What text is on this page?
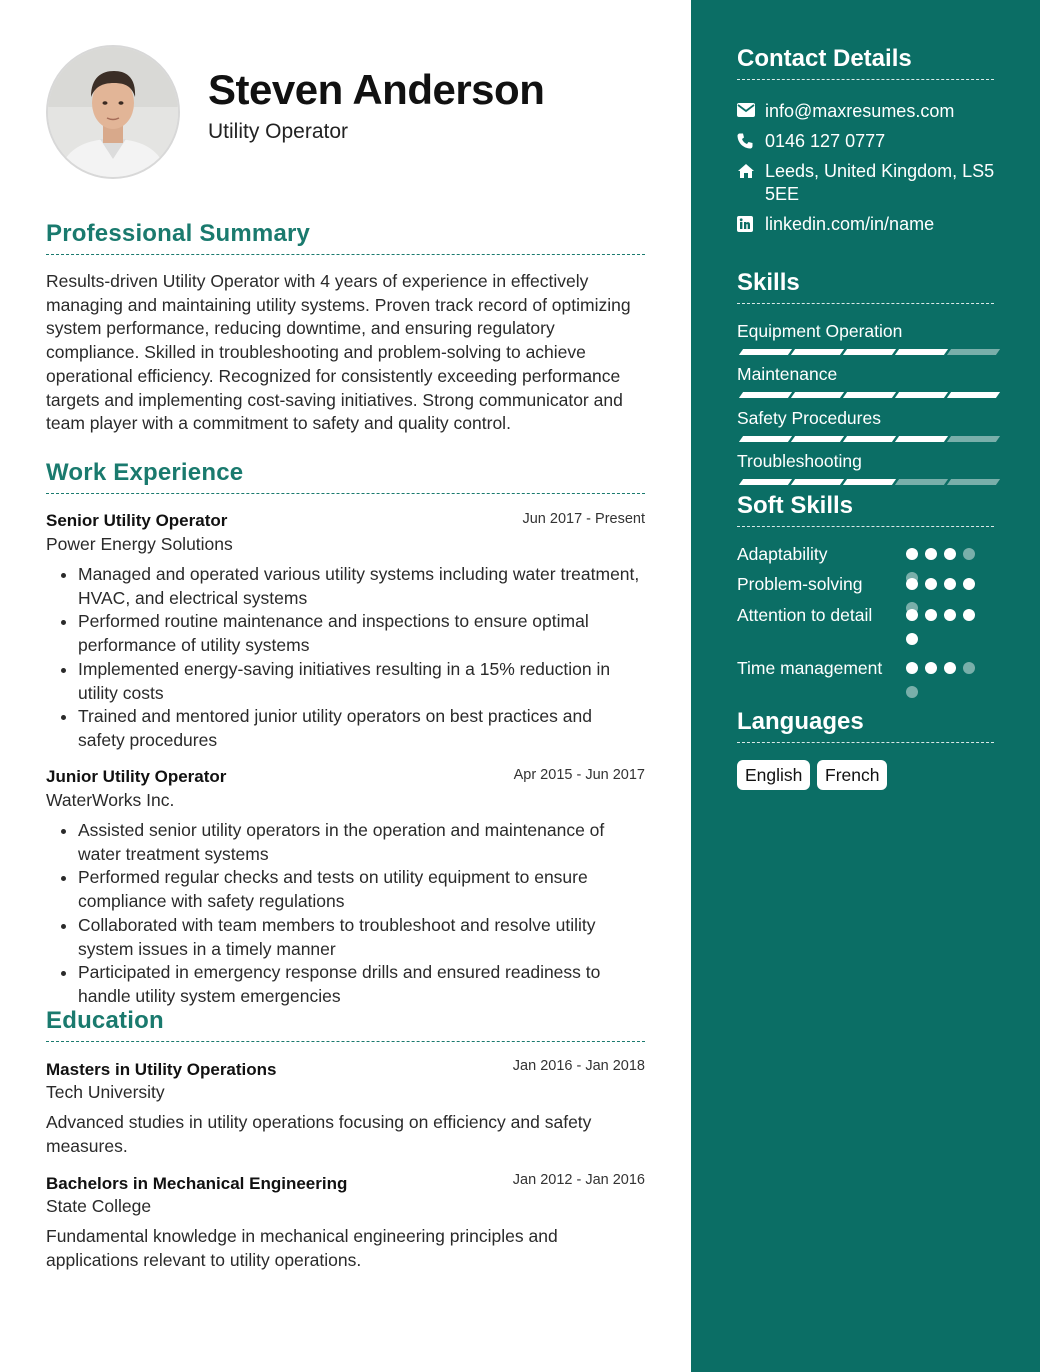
Steven Anderson
Utility Operator
Professional Summary

Results-driven Utility Operator with 4 years of experience in effectively managing and maintaining utility systems. Proven track record of optimizing system performance, reducing downtime, and ensuring regulatory compliance. Skilled in troubleshooting and problem-solving to achieve operational efficiency. Recognized for consistently exceeding performance targets and implementing cost-saving initiatives. Strong communicator and team player with a commitment to safety and quality control.

Work Experience
Senior Utility Operator	Jun 2017 - Present
Power Energy Solutions
• Managed and operated various utility systems including water treatment, HVAC, and electrical systems
• Performed routine maintenance and inspections to ensure optimal performance of utility systems
• Implemented energy-saving initiatives resulting in a 15% reduction in utility costs
• Trained and mentored junior utility operators on best practices and safety procedures
Junior Utility Operator	Apr 2015 - Jun 2017
WaterWorks Inc.
• Assisted senior utility operators in the operation and maintenance of water treatment systems
• Performed regular checks and tests on utility equipment to ensure compliance with safety regulations
• Collaborated with team members to troubleshoot and resolve utility system issues in a timely manner
• Participated in emergency response drills and ensured readiness to handle utility system emergencies
Education
Masters in Utility Operations	Jan 2016 - Jan 2018
Tech University

Advanced studies in utility operations focusing on efficiency and safety measures.

Bachelors in Mechanical Engineering	Jan 2012 - Jan 2016
State College

Fundamental knowledge in mechanical engineering principles and applications relevant to utility operations.

Contact Details
info@maxresumes.com
0146 127 0777
Leeds, United Kingdom, LS5 5EE
linkedin.com/in/name
Skills
Equipment Operation
Maintenance
Safety Procedures
Troubleshooting
Soft Skills
Adaptability
Problem-solving
Attention to detail
Time management
Languages
English	French
